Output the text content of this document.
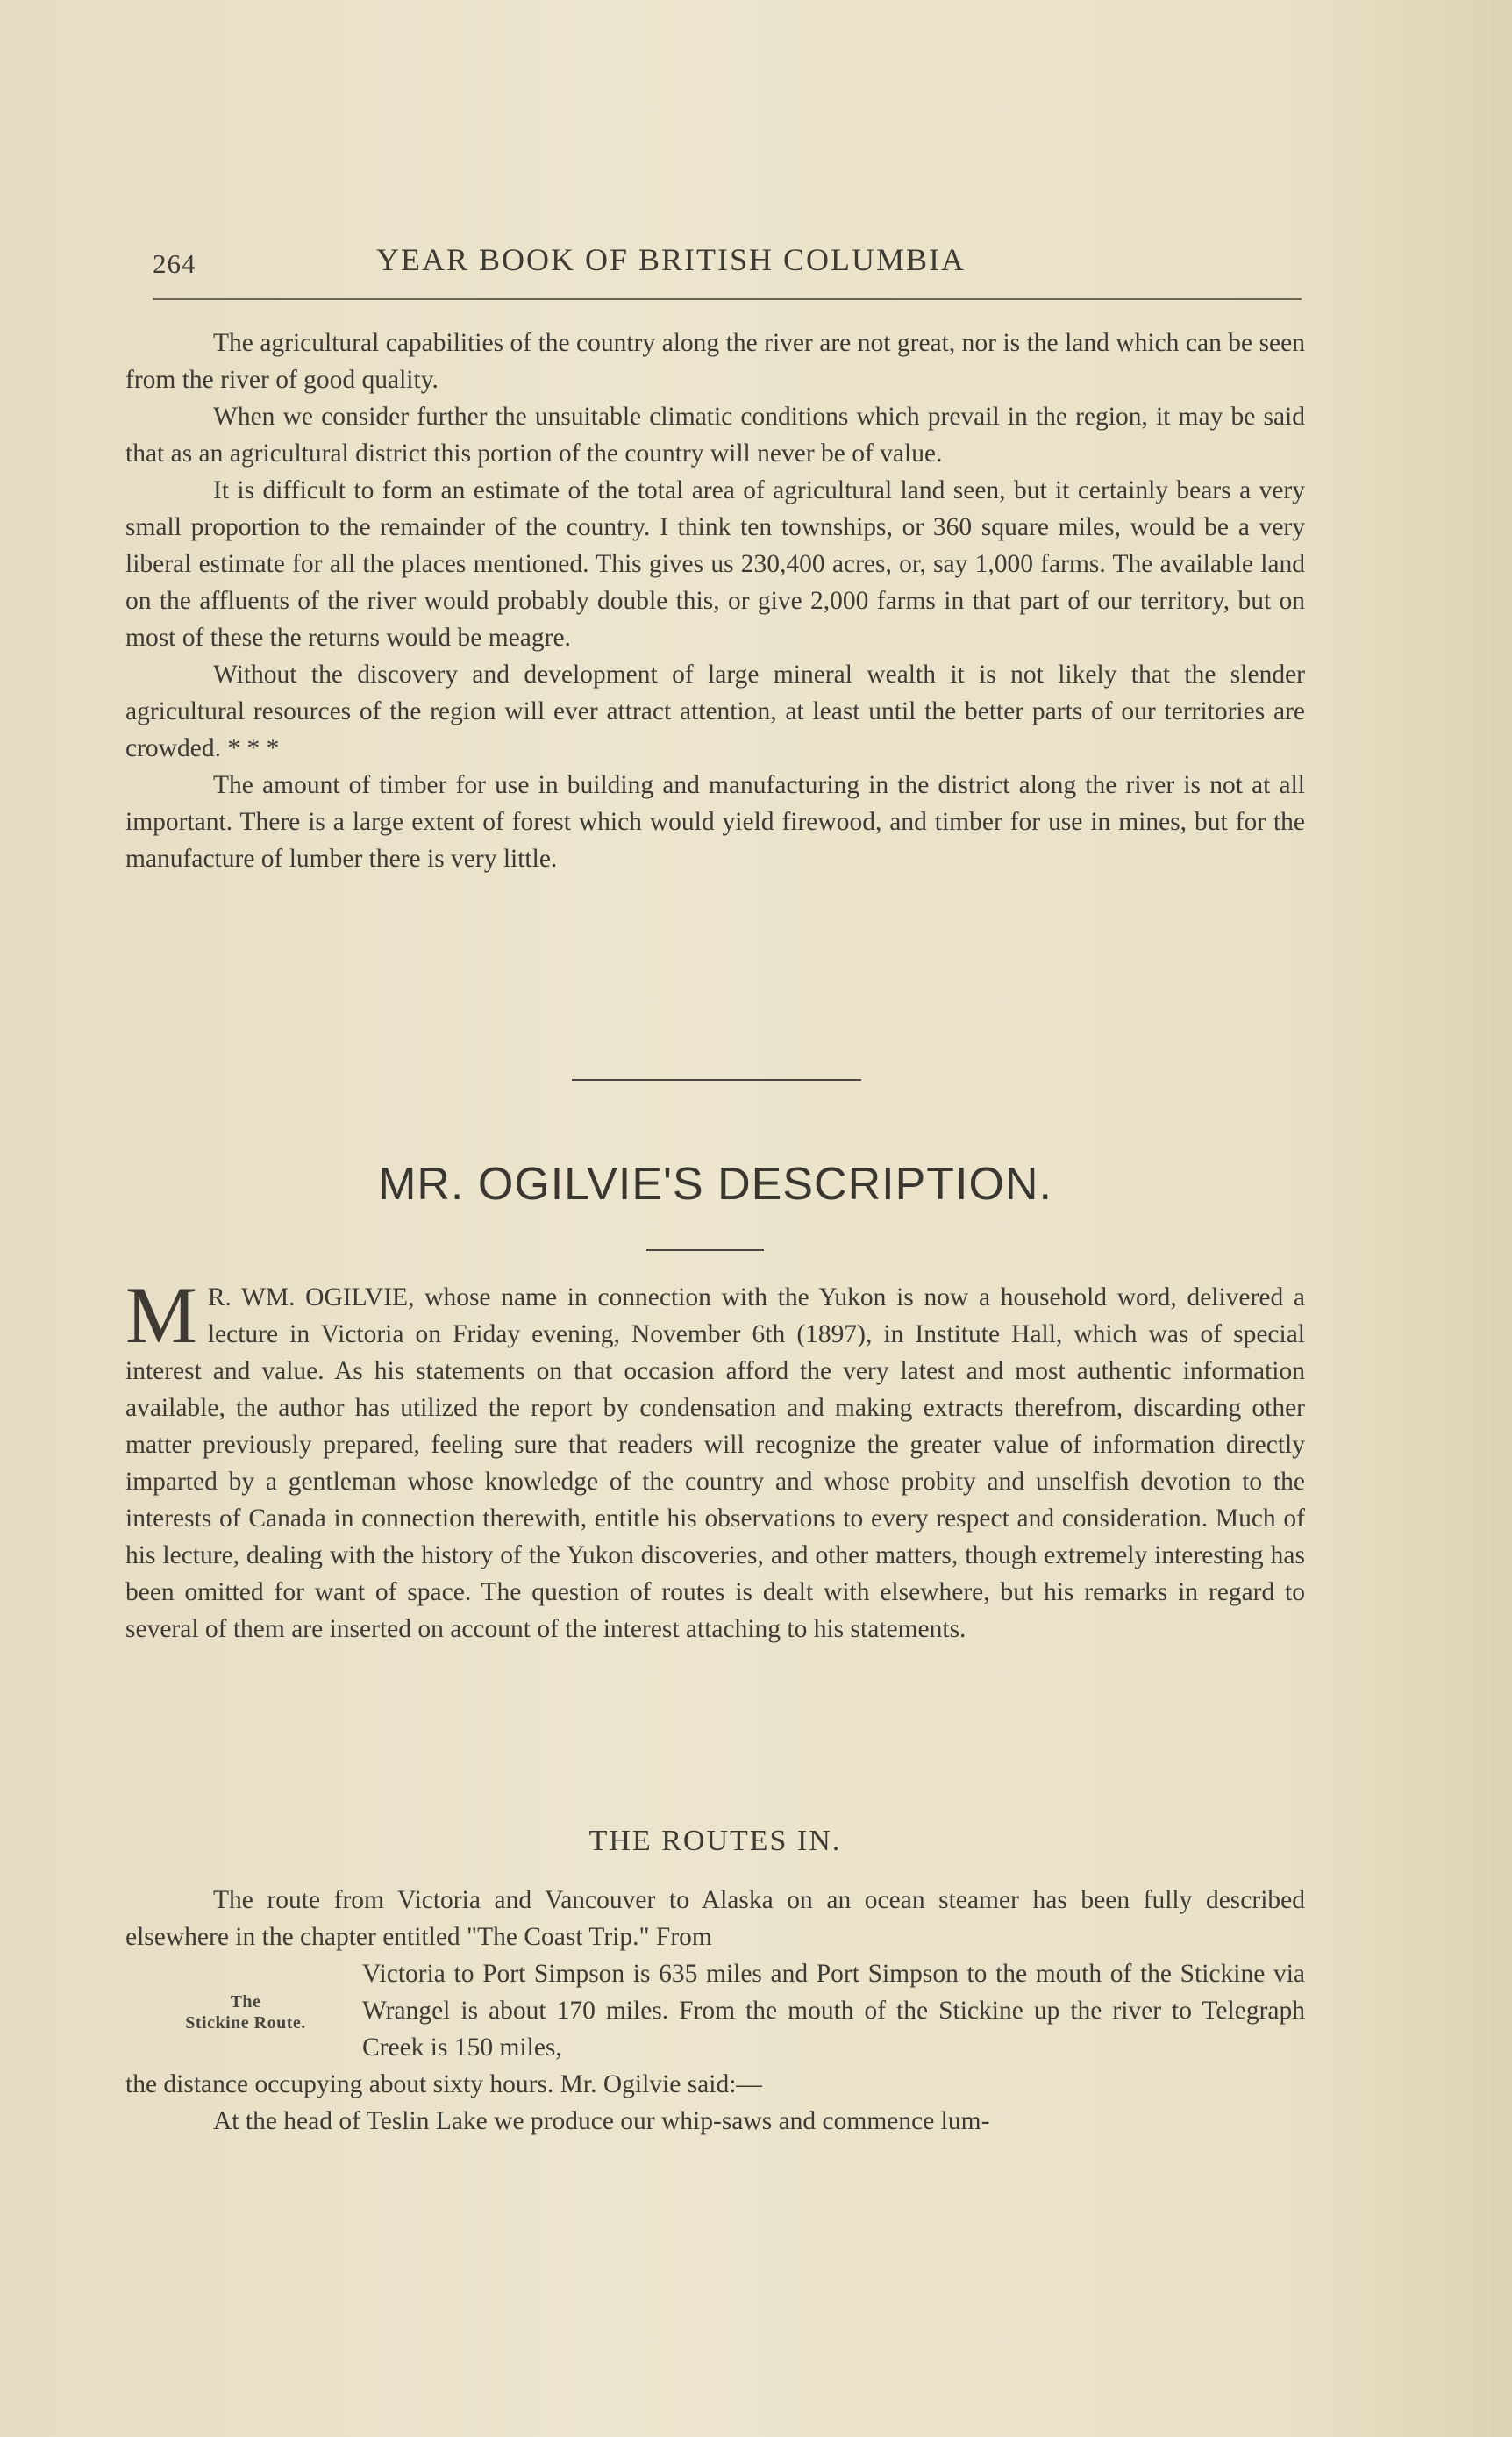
264	YEAR BOOK OF BRITISH COLUMBIA

The agricultural capabilities of the country along the river are not great, nor is the land which can be seen from the river of good quality.

When we consider further the unsuitable climatic conditions which prevail in the region, it may be said that as an agricultural district this portion of the country will never be of value.

It is difficult to form an estimate of the total area of agricultural land seen, but it certainly bears a very small proportion to the remainder of the country. I think ten townships, or 360 square miles, would be a very liberal estimate for all the places mentioned. This gives us 230,400 acres, or, say 1,000 farms. The available land on the affluents of the river would probably double this, or give 2,000 farms in that part of our territory, but on most of these the returns would be meagre.

Without the discovery and development of large mineral wealth it is not likely that the slender agricultural resources of the region will ever attract attention, at least until the better parts of our territories are crowded. * * *

The amount of timber for use in building and manufacturing in the district along the river is not at all important. There is a large extent of forest which would yield firewood, and timber for use in mines, but for the manufacture of lumber there is very little.

MR. OGILVIE'S DESCRIPTION.

M R. WM. OGILVIE, whose name in connection with the Yukon is now a household word, delivered a lecture in Victoria on Friday evening, November 6th (1897), in Institute Hall, which was of special interest and value. As his statements on that occasion afford the very latest and most authentic information available, the author has utilized the report by condensation and making extracts therefrom, discarding other matter previously prepared, feeling sure that readers will recognize the greater value of information directly imparted by a gentleman whose knowledge of the country and whose probity and unselfish devotion to the interests of Canada in connection therewith, entitle his observations to every respect and consideration. Much of his lecture, dealing with the history of the Yukon discoveries, and other matters, though extremely interesting has been omitted for want of space. The question of routes is dealt with elsewhere, but his remarks in regard to several of them are inserted on account of the interest attaching to his statements.

THE ROUTES IN.
The
Stickine Route.

The route from Victoria and Vancouver to Alaska on an ocean steamer has been fully described elsewhere in the chapter entitled "The Coast Trip." From

Victoria to Port Simpson is 635 miles and Port Simpson to the mouth of the Stickine via Wrangel is about 170 miles. From the mouth of the Stickine up the river to Telegraph Creek is 150 miles,

the distance occupying about sixty hours. Mr. Ogilvie said:—

At the head of Teslin Lake we produce our whip-saws and commence lum-
